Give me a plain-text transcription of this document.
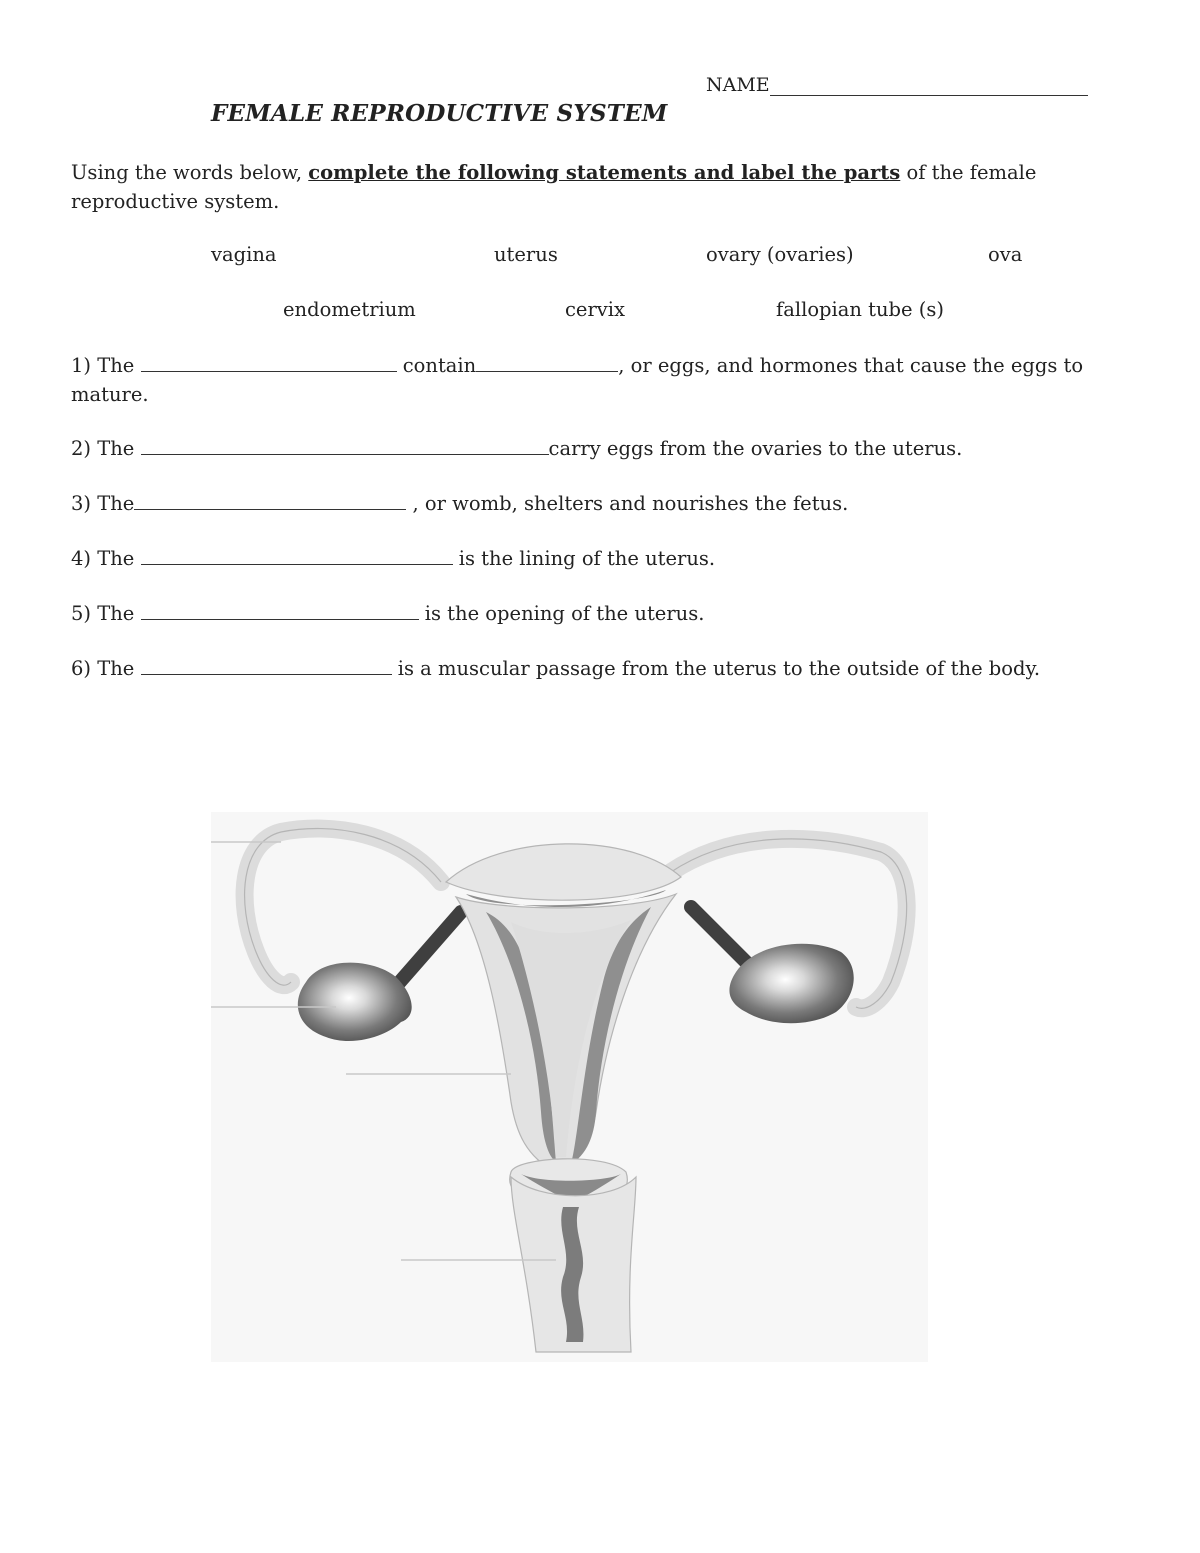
NAME
FEMALE REPRODUCTIVE SYSTEM
Using the words below, complete the following statements and label the parts of the female reproductive system.
vagina	uterus	ovary (ovaries)	ova
endometrium	cervix	fallopian tube (s)
1) The	contain	, or eggs, and hormones that cause the eggs to mature.
2) The	carry eggs from the ovaries to the uterus.
3) The	, or womb, shelters and nourishes the fetus.
4) The	is the lining of the uterus.
5) The	is the opening of the uterus.
6) The	is a muscular passage from the uterus to the outside of the body.
